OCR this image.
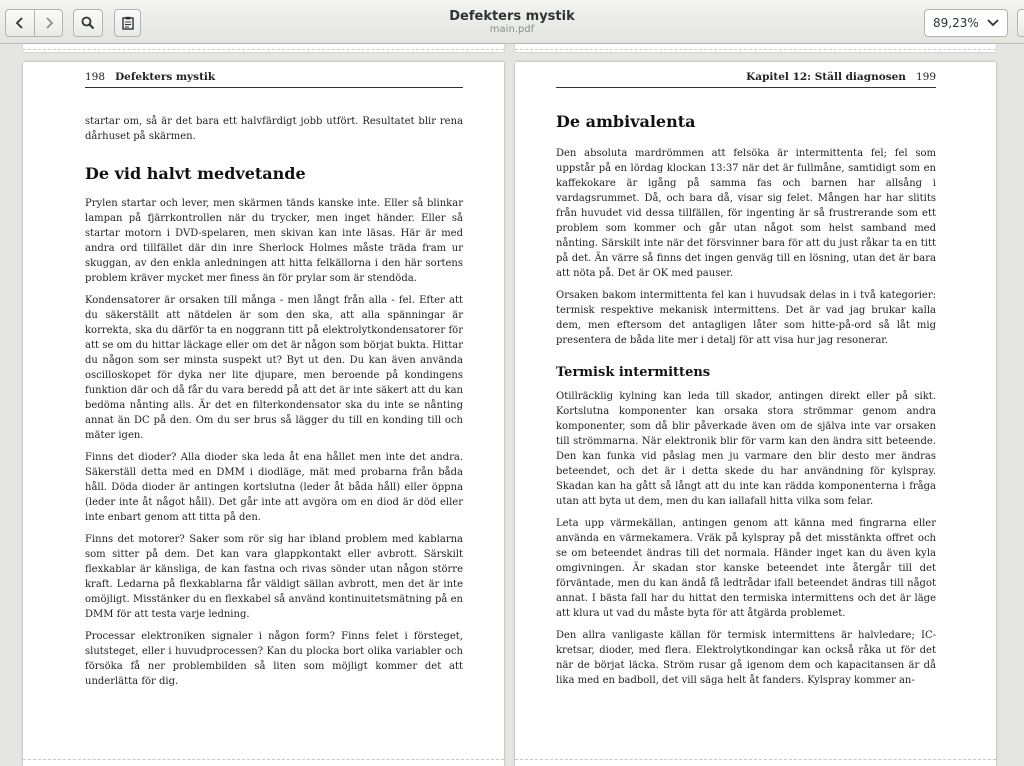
Defekters mystik
main.pdf	89,23%
198 Defekters mystik

startar om, så är det bara ett halvfärdigt jobb utfört. Resultatet blir rena dårhuset på skärmen.

De vid halvt medvetande

Prylen startar och lever, men skärmen tänds kanske inte. Eller så blinkar lampan på fjärrkontrollen när du trycker, men inget händer. Eller så startar motorn i DVD-spelaren, men skivan kan inte läsas. Här är med andra ord tillfället där din inre Sherlock Holmes måste träda fram ur skuggan, av den enkla anledningen att hitta felkällorna i den här sortens problem kräver mycket mer finess än för prylar som är stendöda.

Kondensatorer är orsaken till många - men långt från alla - fel. Efter att du säkerställt att nätdelen är som den ska, att alla spänningar är korrekta, ska du därför ta en noggrann titt på elektrolytkondensatorer för att se om du hittar läckage eller om det är någon som börjat bukta. Hittar du någon som ser minsta suspekt ut? Byt ut den. Du kan även använda oscilloskopet för dyka ner lite djupare, men beroende på kondingens funktion där och då får du vara beredd på att det är inte säkert att du kan bedöma nånting alls. Är det en filterkondensator ska du inte se nånting annat än DC på den. Om du ser brus så lägger du till en konding till och mäter igen.

Finns det dioder? Alla dioder ska leda åt ena hållet men inte det andra. Säkerställ detta med en DMM i diodläge, mät med probarna från båda håll. Döda dioder är antingen kortslutna (leder åt båda håll) eller öppna (leder inte åt något håll). Det går inte att avgöra om en diod är död eller inte enbart genom att titta på den.

Finns det motorer? Saker som rör sig har ibland problem med kablarna som sitter på dem. Det kan vara glappkontakt eller avbrott. Särskilt flexkablar är känsliga, de kan fastna och rivas sönder utan någon större kraft. Ledarna på flexkablarna får väldigt sällan avbrott, men det är inte omöjligt. Misstänker du en flexkabel så använd kontinuitetsmätning på en DMM för att testa varje ledning.

Processar elektroniken signaler i någon form? Finns felet i försteget, slutsteget, eller i huvudprocessen? Kan du plocka bort olika variabler och försöka få ner problembilden så liten som möjligt kommer det att underlätta för dig.

Kapitel 12: Ställ diagnosen 199
De ambivalenta

Den absoluta mardrömmen att felsöka är intermittenta fel; fel som uppstår på en lördag klockan 13:37 när det är fullmåne, samtidigt som en kaffekokare är igång på samma fas och barnen har allsång i vardagsrummet. Då, och bara då, visar sig felet. Mången har har slitits från huvudet vid dessa tillfällen, för ingenting är så frustrerande som ett problem som kommer och går utan något som helst samband med nånting. Särskilt inte när det försvinner bara för att du just råkar ta en titt på det. Än värre så finns det ingen genväg till en lösning, utan det är bara att nöta på. Det är OK med pauser.

Orsaken bakom intermittenta fel kan i huvudsak delas in i två kategorier: termisk respektive mekanisk intermittens. Det är vad jag brukar kalla dem, men eftersom det antagligen låter som hitte-på-ord så låt mig presentera de båda lite mer i detalj för att visa hur jag resonerar.

Termisk intermittens

Otillräcklig kylning kan leda till skador, antingen direkt eller på sikt. Kortslutna komponenter kan orsaka stora strömmar genom andra komponenter, som då blir påverkade även om de själva inte var orsaken till strömmarna. När elektronik blir för varm kan den ändra sitt beteende. Den kan funka vid påslag men ju varmare den blir desto mer ändras beteendet, och det är i detta skede du har användning för kylspray. Skadan kan ha gått så långt att du inte kan rädda komponenterna i fråga utan att byta ut dem, men du kan iallafall hitta vilka som felar.

Leta upp värmekällan, antingen genom att känna med fingrarna eller använda en värmekamera. Vräk på kylspray på det misstänkta offret och se om beteendet ändras till det normala. Händer inget kan du även kyla omgivningen. Är skadan stor kanske beteendet inte återgår till det förväntade, men du kan ändå få ledtrådar ifall beteendet ändras till något annat. I bästa fall har du hittat den termiska intermittens och det är läge att klura ut vad du måste byta för att åtgärda problemet.

Den allra vanligaste källan för termisk intermittens är halvledare; IC-kretsar, dioder, med flera. Elektrolytkondingar kan också råka ut för det när de börjat läcka. Ström rusar gå igenom dem och kapacitansen är då lika med en badboll, det vill säga helt åt fanders. Kylspray kommer an-
